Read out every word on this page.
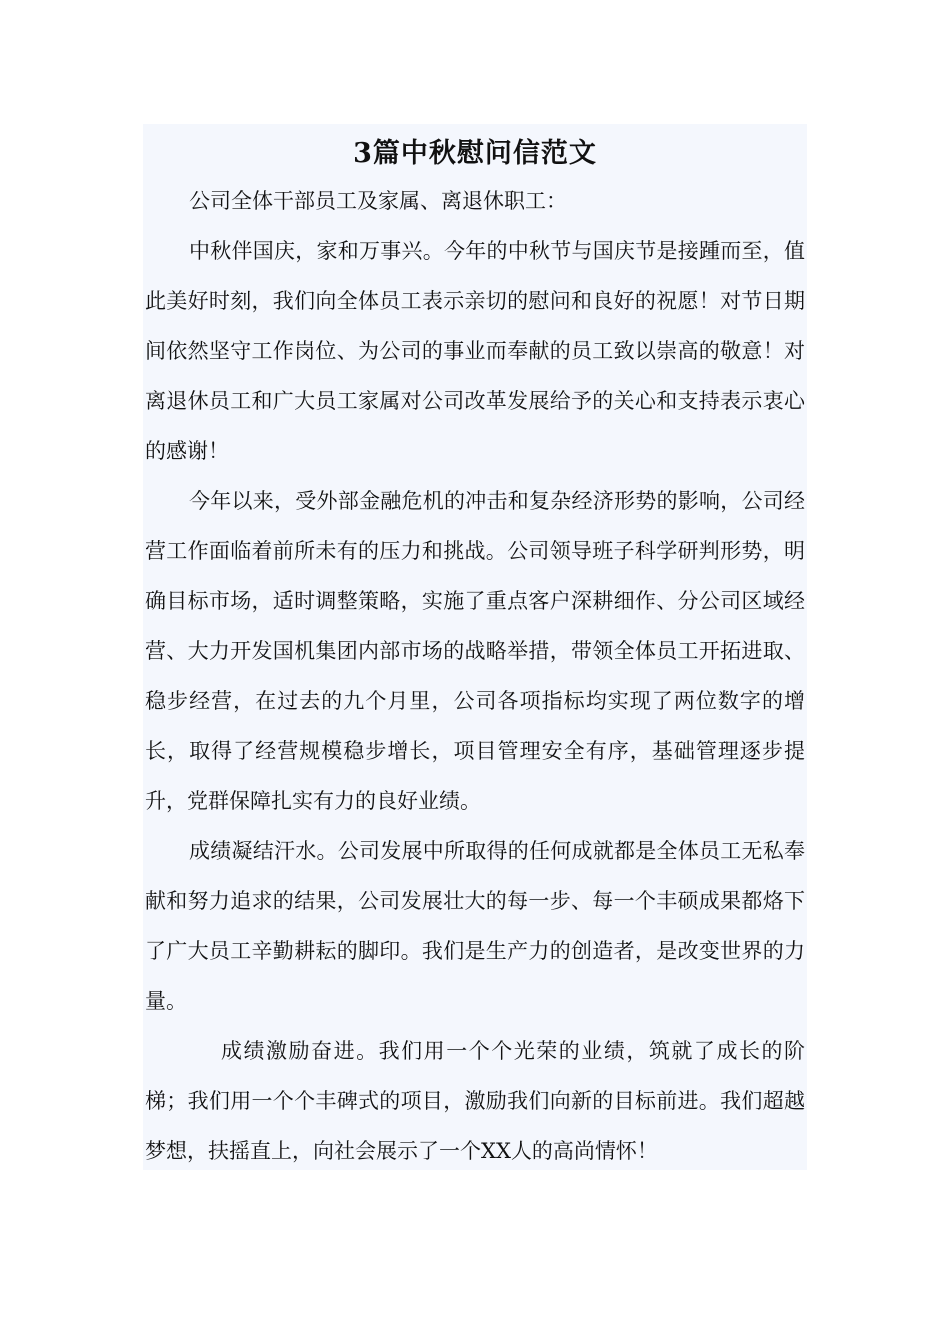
3篇中秋慰问信范文

公司全体干部员工及家属、离退休职工：

中秋伴国庆，家和万事兴。今年的中秋节与国庆节是接踵而至，值此美好时刻，我们向全体员工表示亲切的慰问和良好的祝愿！对节日期间依然坚守工作岗位、为公司的事业而奉献的员工致以崇高的敬意！对离退休员工和广大员工家属对公司改革发展给予的关心和支持表示衷心的感谢！

今年以来，受外部金融危机的冲击和复杂经济形势的影响，公司经营工作面临着前所未有的压力和挑战。公司领导班子科学研判形势，明确目标市场，适时调整策略，实施了重点客户深耕细作、分公司区域经营、大力开发国机集团内部市场的战略举措，带领全体员工开拓进取、稳步经营，在过去的九个月里，公司各项指标均实现了两位数字的增长，取得了经营规模稳步增长，项目管理安全有序，基础管理逐步提升，党群保障扎实有力的良好业绩。

成绩凝结汗水。公司发展中所取得的任何成就都是全体员工无私奉献和努力追求的结果，公司发展壮大的每一步、每一个丰硕成果都烙下了广大员工辛勤耕耘的脚印。我们是生产力的创造者，是改变世界的力量。

成绩激励奋进。我们用一个个光荣的业绩，筑就了成长的阶梯；我们用一个个丰碑式的项目，激励我们向新的目标前进。我们超越梦想，扶摇直上，向社会展示了一个XX人的高尚情怀！
